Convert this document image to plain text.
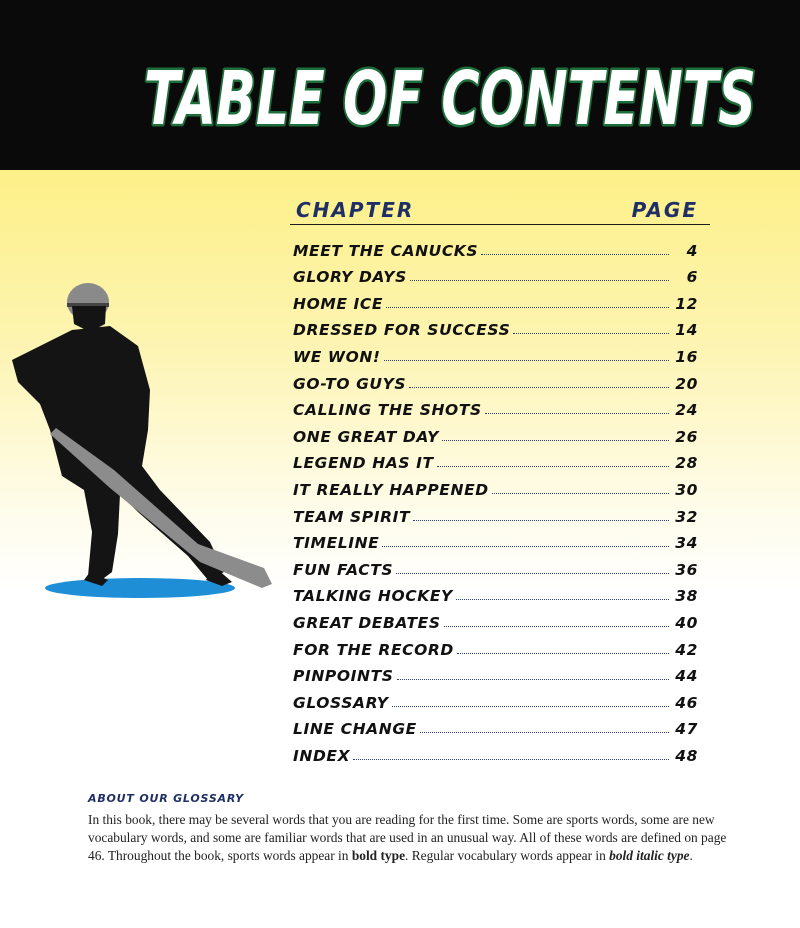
TABLE OF CONTENTS
CHAPTER	PAGE
MEET THE CANUCKS	4
GLORY DAYS	6
HOME ICE	12
DRESSED FOR SUCCESS	14
WE WON!	16
GO-TO GUYS	20
CALLING THE SHOTS	24
ONE GREAT DAY	26
LEGEND HAS IT	28
IT REALLY HAPPENED	30
TEAM SPIRIT	32
TIMELINE	34
FUN FACTS	36
TALKING HOCKEY	38
GREAT DEBATES	40
FOR THE RECORD	42
PINPOINTS	44
GLOSSARY	46
LINE CHANGE	47
INDEX	48
ABOUT OUR GLOSSARY
In this book, there may be several words that you are reading for the first time. Some are sports words, some are new vocabulary words, and some are familiar words that are used in an unusual way. All of these words are defined on page 46. Throughout the book, sports words appear in bold type. Regular vocabulary words appear in bold italic type.
